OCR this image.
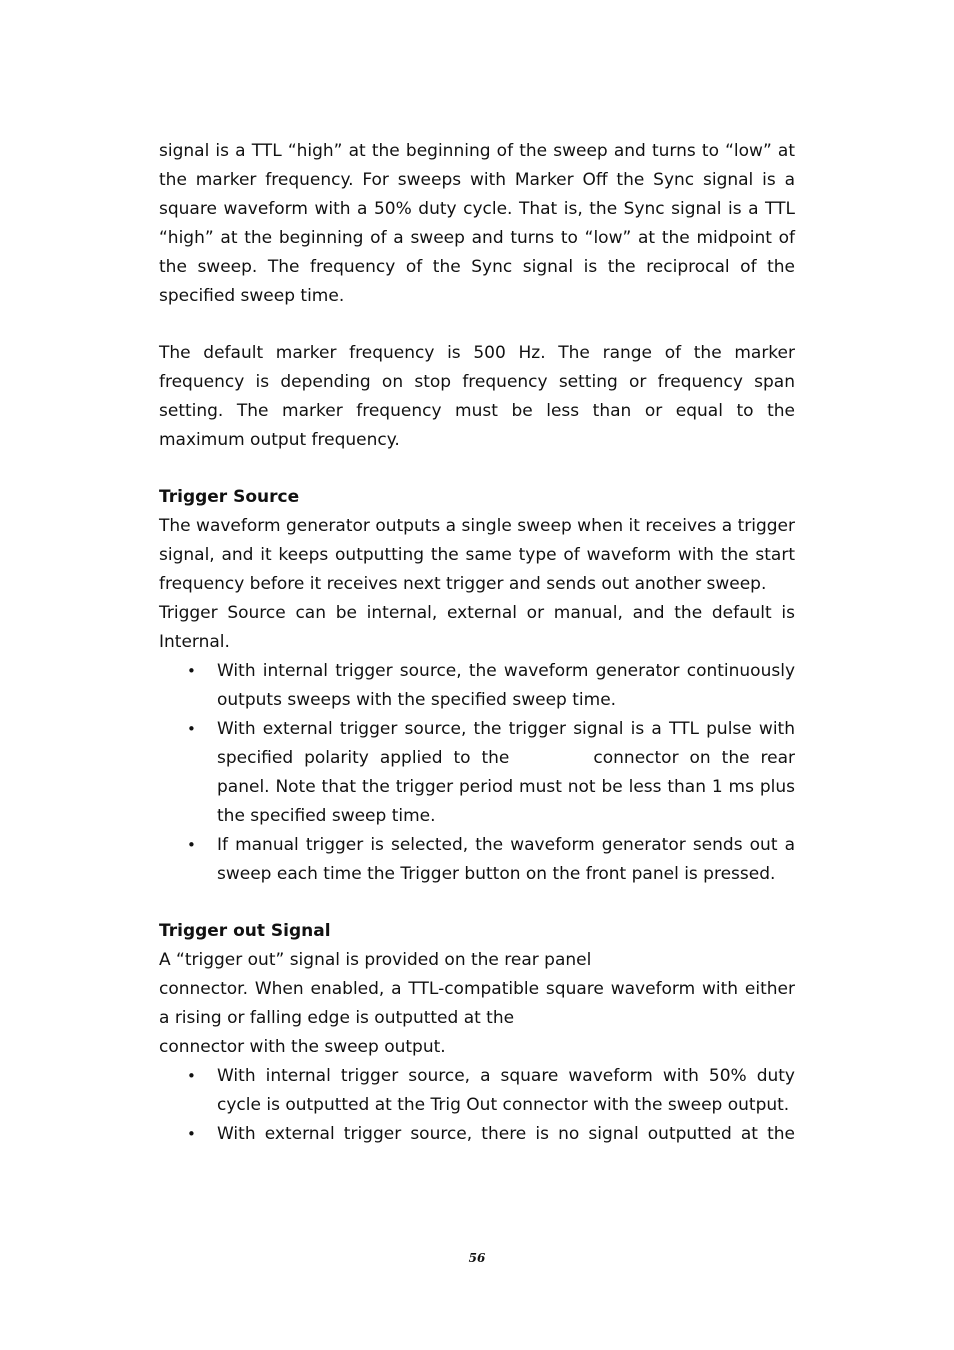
signal is a TTL “high” at the beginning of the sweep and turns to “low” at the marker frequency. For sweeps with Marker Off the Sync signal is a square waveform with a 50% duty cycle. That is, the Sync signal is a TTL “high” at the beginning of a sweep and turns to “low” at the midpoint of the sweep. The frequency of the Sync signal is the reciprocal of the specified sweep time.

The default marker frequency is 500 Hz. The range of the marker frequency is depending on stop frequency setting or frequency span setting. The marker frequency must be less than or equal to the maximum output frequency.

Trigger Source

The waveform generator outputs a single sweep when it receives a trigger signal, and it keeps outputting the same type of waveform with the start frequency before it receives next trigger and sends out another sweep.

Trigger Source can be internal, external or manual, and the default is Internal.

• With internal trigger source, the waveform generator continuously outputs sweeps with the specified sweep time.
• With external trigger source, the trigger signal is a TTL pulse with specified polarity applied to the	connector on the rear panel. Note that the trigger period must not be less than 1 ms plus the specified sweep time.
• If manual trigger is selected, the waveform generator sends out a sweep each time the Trigger button on the front panel is pressed.

Trigger out Signal

A “trigger out” signal is provided on the rear panel

connector. When enabled, a TTL-compatible square waveform with either a rising or falling edge is outputted at the

connector with the sweep output.

• With internal trigger source, a square waveform with 50% duty cycle is outputted at the Trig Out connector with the sweep output.
• With external trigger source, there is no signal outputted at the
56
